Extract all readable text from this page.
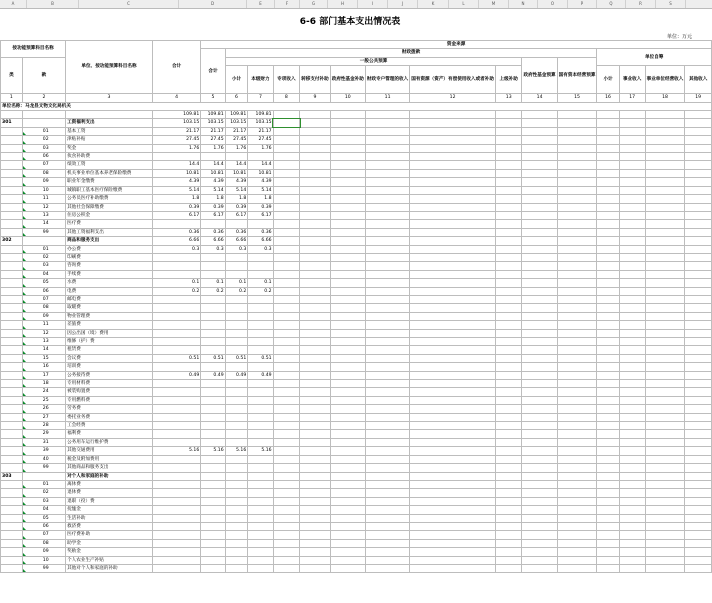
A	B	C	D	E	F	G	H	I	J	K	L	M	N	O	P	Q	R	S
6-6 部门基本支出情况表
单位：万元
按功能预算科目名称		单位、按功能预算科目名称	合计	资金来源														
				合计	财政拨款										单位自筹			
类	款				一般公共预算								政府性基金预算	国有资本经营预算				
					小计	本级财力	专项收入	转移支付补助	政府性基金补助	财政专户管理的收入	国有资源（资产）有偿使用收入或者补助	上级补助			小计	事业收入	事业单位经营收入	其他收入
1	2	3	4	5	6	7	8	9	10	11	12	13	14	15	16	17	18	19
单位名称：马龙县文物文化局机关																		
			109.81	109.81	109.81	109.81												
301		工资福利支出	103.15	103.15	103.15	103.15												
	01	基本工资	21.17	21.17	21.17	21.17												
	02	津贴补贴	27.45	27.45	27.45	27.45												
	03	奖金	1.76	1.76	1.76	1.76												
	06	伙食补助费																
	07	绩效工资	14.4	14.4	14.4	14.4												
	08	机关事业单位基本养老保险缴费	10.81	10.81	10.81	10.81												
	09	职业年金缴费	4.39	4.39	4.39	4.39												
	10	城镇职工基本医疗保险缴费	5.14	5.14	5.14	5.14												
	11	公务员医疗补助缴费	1.8	1.8	1.8	1.8												
	12	其他社会保障缴费	0.39	0.39	0.39	0.39												
	13	住房公积金	6.17	6.17	6.17	6.17												
	14	医疗费																
	99	其他工资福利支出	0.36	0.36	0.36	0.36												
302		商品和服务支出	6.66	6.66	6.66	6.66												
	01	办公费	0.3	0.3	0.3	0.3												
	02	印刷费																
	03	咨询费																
	04	手续费																
	05	水费	0.1	0.1	0.1	0.1												
	06	电费	0.2	0.2	0.2	0.2												
	07	邮电费																
	08	取暖费																
	09	物业管理费																
	11	差旅费																
	12	因公出国（境）费用																
	13	维修（护）费																
	14	租赁费																
	15	会议费	0.51	0.51	0.51	0.51												
	16	培训费																
	17	公务接待费	0.49	0.49	0.49	0.49												
	18	专用材料费																
	24	被装购置费																
	25	专用燃料费																
	26	劳务费																
	27	委托业务费																
	28	工会经费																
	29	福利费																
	31	公务用车运行维护费																
	39	其他交通费用	5.16	5.16	5.16	5.16												
	40	税金及附加费用																
	99	其他商品和服务支出																
303		对个人和家庭的补助																
	01	离休费																
	02	退休费																
	03	退职（役）费																
	04	抚恤金																
	05	生活补助																
	06	救济费																
	07	医疗费补助																
	08	助学金																
	09	奖励金																
	10	个人农业生产补贴																
	99	其他对个人和家庭的补助																
